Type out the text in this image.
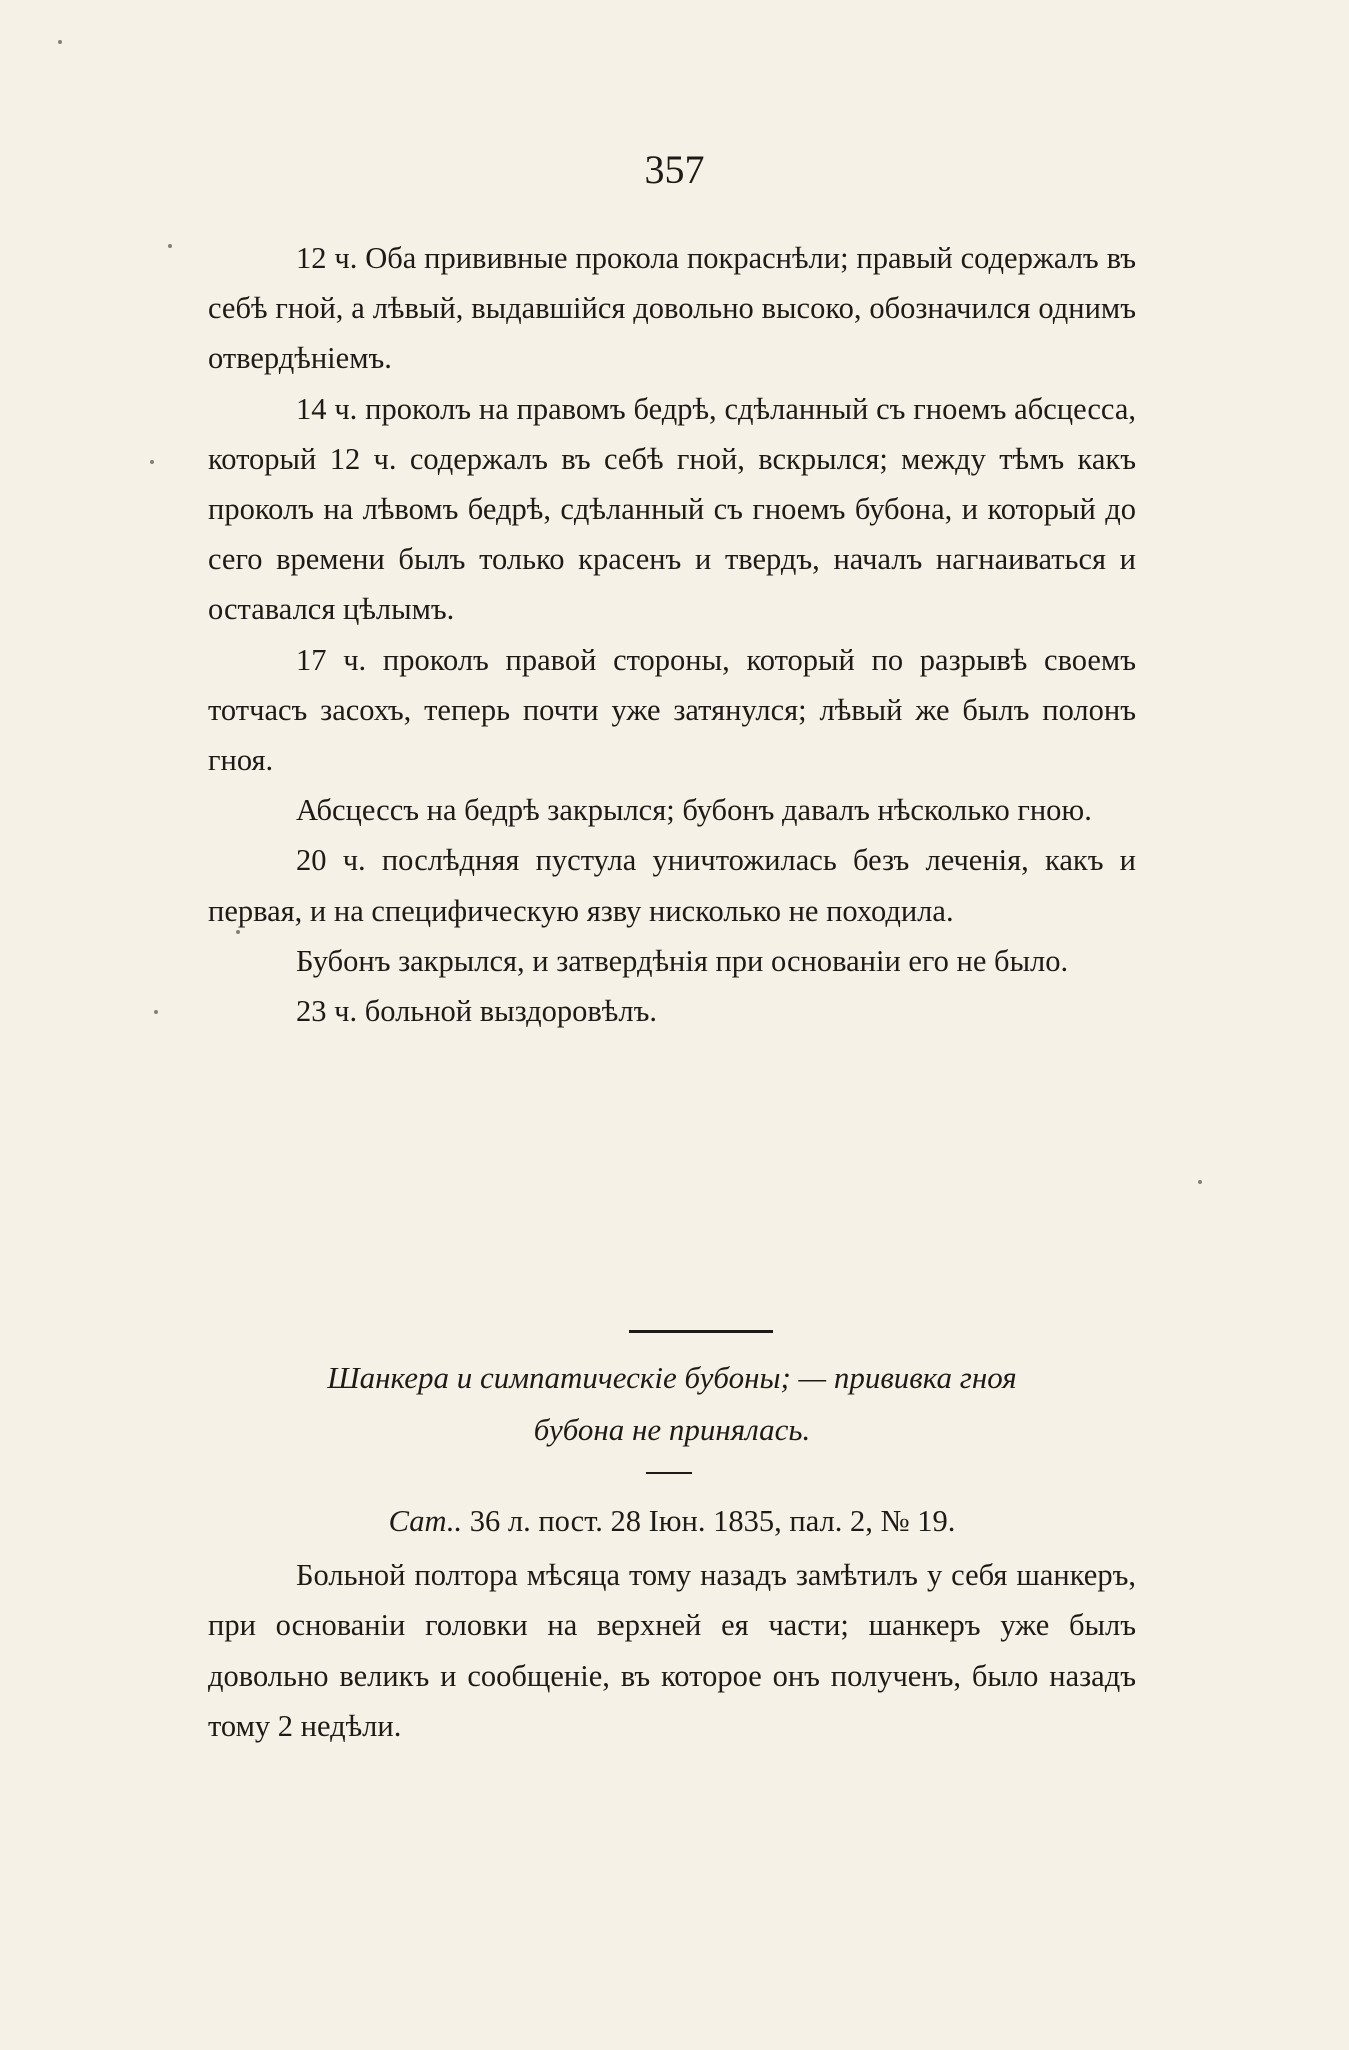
357

12 ч. Оба прививные прокола покраснѣли; правый содержалъ въ себѣ гной, а лѣвый, выдавшійся довольно высоко, обозначился однимъ отвердѣніемъ.

14 ч. проколъ на правомъ бедрѣ, сдѣланный съ гноемъ абсцесса, который 12 ч. содержалъ въ себѣ гной, вскрылся; между тѣмъ какъ проколъ на лѣвомъ бедрѣ, сдѣланный съ гноемъ бубона, и который до сего времени былъ только красенъ и твердъ, началъ нагнаиваться и оставался цѣлымъ.

17 ч. проколъ правой стороны, который по разрывѣ своемъ тотчасъ засохъ, теперь почти уже затянулся; лѣвый же былъ полонъ гноя.

Абсцессъ на бедрѣ закрылся; бубонъ давалъ нѣсколько гною.

20 ч. послѣдняя пустула уничтожилась безъ леченія, какъ и первая, и на специфическую язву нисколько не походила.

Бубонъ закрылся, и затвердѣнія при основаніи его не было.

23 ч. больной выздоровѣлъ.

Шанкера и симпатическіе бубоны; — прививка гноя
бубона не принялась.

Сат.. 36 л. пост. 28 Іюн. 1835, пал. 2, № 19.

Больной полтора мѣсяца тому назадъ замѣтилъ у себя шанкеръ, при основаніи головки на верхней ея части; шанкеръ уже былъ довольно великъ и сообщеніе, въ которое онъ полученъ, было назадъ тому 2 недѣли.
